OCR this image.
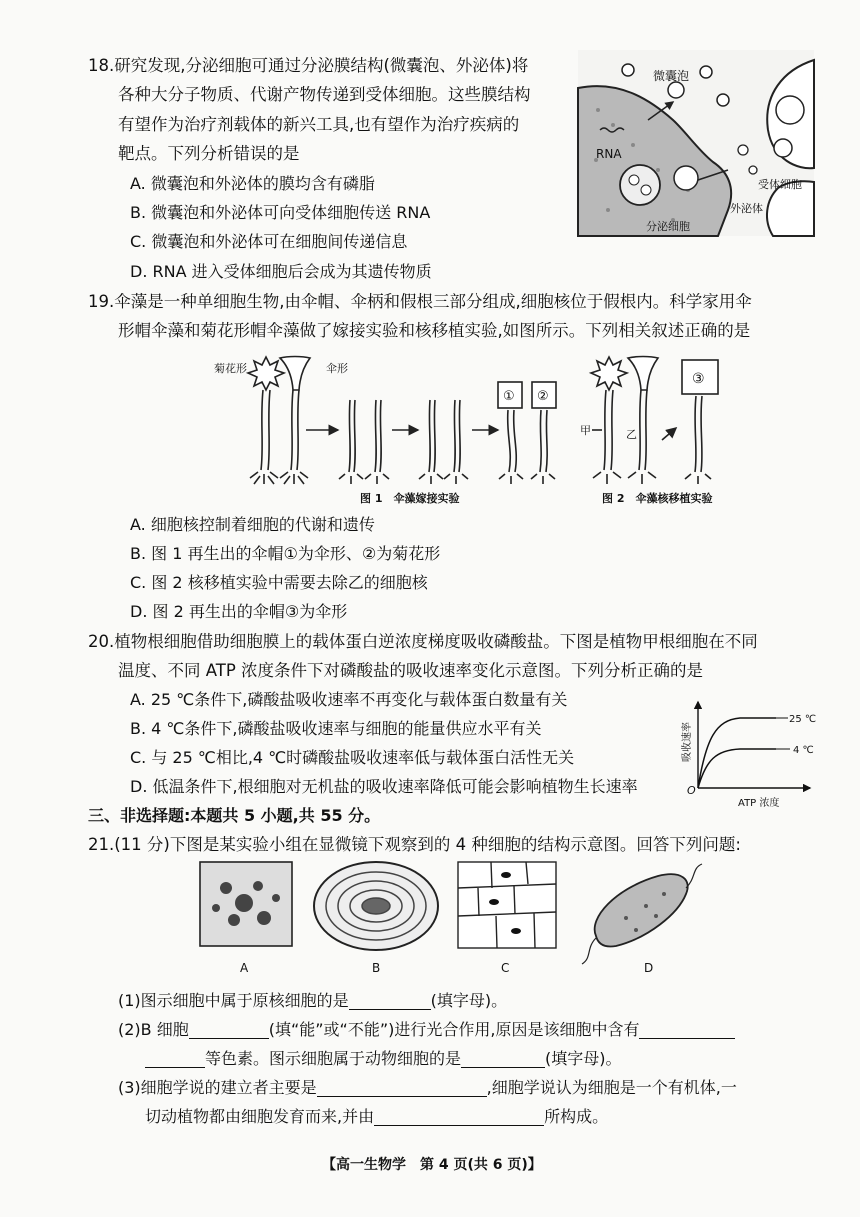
18.研究发现,分泌细胞可通过分泌膜结构(微囊泡、外泌体)将
各种大分子物质、代谢产物传递到受体细胞。这些膜结构
有望作为治疗剂载体的新兴工具,也有望作为治疗疾病的
靶点。下列分析错误的是
A. 微囊泡和外泌体的膜均含有磷脂
B. 微囊泡和外泌体可向受体细胞传送 RNA
C. 微囊泡和外泌体可在细胞间传递信息
D. RNA 进入受体细胞后会成为其遗传物质
RNA
微囊泡
受体细胞
外泌体
分泌细胞
19.伞藻是一种单细胞生物,由伞帽、伞柄和假根三部分组成,细胞核位于假根内。科学家用伞
形帽伞藻和菊花形帽伞藻做了嫁接实验和核移植实验,如图所示。下列相关叙述正确的是
菊花形	伞形
① ②
③
甲	乙
图 1　伞藻嫁接实验	图 2　伞藻核移植实验
A. 细胞核控制着细胞的代谢和遗传
B. 图 1 再生出的伞帽①为伞形、②为菊花形
C. 图 2 核移植实验中需要去除乙的细胞核
D. 图 2 再生出的伞帽③为伞形
20.植物根细胞借助细胞膜上的载体蛋白逆浓度梯度吸收磷酸盐。下图是植物甲根细胞在不同
温度、不同 ATP 浓度条件下对磷酸盐的吸收速率变化示意图。下列分析正确的是
A. 25 ℃条件下,磷酸盐吸收速率不再变化与载体蛋白数量有关
B. 4 ℃条件下,磷酸盐吸收速率与细胞的能量供应水平有关
C. 与 25 ℃相比,4 ℃时磷酸盐吸收速率低与载体蛋白活性无关
D. 低温条件下,根细胞对无机盐的吸收速率降低可能会影响植物生长速率
25 ℃
4 ℃
O
ATP 浓度
吸收速率
三、非选择题:本题共 5 小题,共 55 分。
21.(11 分)下图是某实验小组在显微镜下观察到的 4 种细胞的结构示意图。回答下列问题:
A	B	C	D
(1)图示细胞中属于原核细胞的是	(填字母)。
(2)B 细胞	(填“能”或“不能”)进行光合作用,原因是该细胞中含有
等色素。图示细胞属于动物细胞的是	(填字母)。
(3)细胞学说的建立者主要是	,细胞学说认为细胞是一个有机体,一
切动植物都由细胞发育而来,并由	所构成。
【高一生物学　第 4 页(共 6 页)】
